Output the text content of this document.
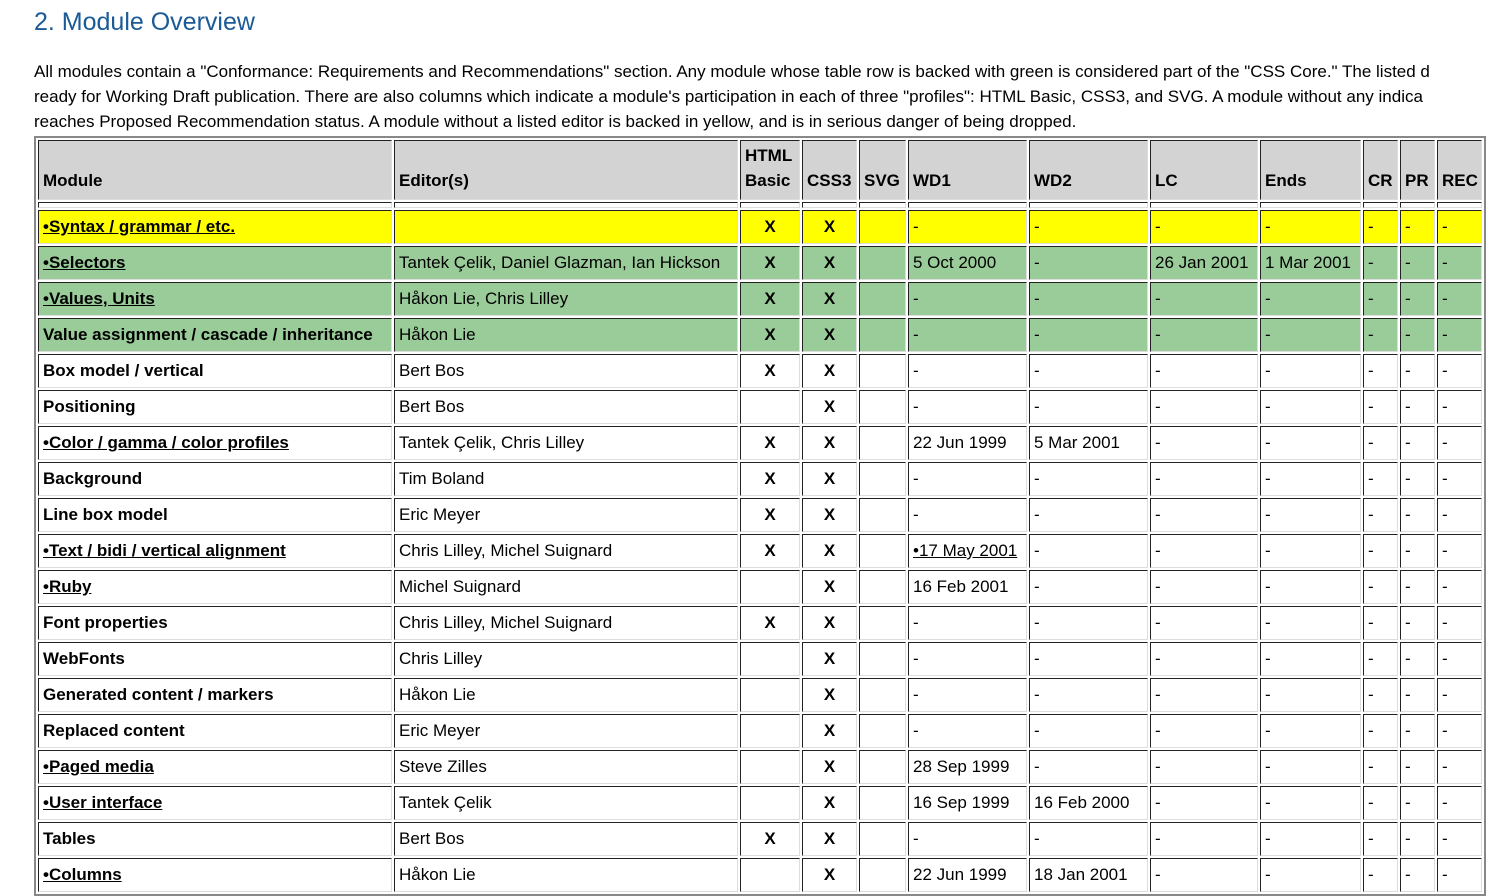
2. Module Overview

All modules contain a "Conformance: Requirements and Recommendations" section. Any module whose table row is backed with green is considered part of the "CSS Core." The listed d
ready for Working Draft publication. There are also columns which indicate a module's participation in each of three "profiles": HTML Basic, CSS3, and SVG. A module without any indica
reaches Proposed Recommendation status. A module without a listed editor is backed in yellow, and is in serious danger of being dropped.

Module	Editor(s)	HTML Basic	CSS3	SVG	WD1	WD2	LC	Ends	CR	PR	REC

•Syntax / grammar / etc.		X	X		-	-	-	-	-	-	-
•Selectors	Tantek Çelik, Daniel Glazman, Ian Hickson	X	X		5 Oct 2000	-	26 Jan 2001	1 Mar 2001	-	-	-
•Values, Units	Håkon Lie, Chris Lilley	X	X		-	-	-	-	-	-	-
Value assignment / cascade / inheritance	Håkon Lie	X	X		-	-	-	-	-	-	-
Box model / vertical	Bert Bos	X	X		-	-	-	-	-	-	-
Positioning	Bert Bos		X		-	-	-	-	-	-	-
•Color / gamma / color profiles	Tantek Çelik, Chris Lilley	X	X		22 Jun 1999	5 Mar 2001	-	-	-	-	-
Background	Tim Boland	X	X		-	-	-	-	-	-	-
Line box model	Eric Meyer	X	X		-	-	-	-	-	-	-
•Text / bidi / vertical alignment	Chris Lilley, Michel Suignard	X	X		•17 May 2001	-	-	-	-	-	-
•Ruby	Michel Suignard		X		16 Feb 2001	-	-	-	-	-	-
Font properties	Chris Lilley, Michel Suignard	X	X		-	-	-	-	-	-	-
WebFonts	Chris Lilley		X		-	-	-	-	-	-	-
Generated content / markers	Håkon Lie		X		-	-	-	-	-	-	-
Replaced content	Eric Meyer		X		-	-	-	-	-	-	-
•Paged media	Steve Zilles		X		28 Sep 1999	-	-	-	-	-	-
•User interface	Tantek Çelik		X		16 Sep 1999	16 Feb 2000	-	-	-	-	-
Tables	Bert Bos	X	X		-	-	-	-	-	-	-
•Columns	Håkon Lie		X		22 Jun 1999	18 Jan 2001	-	-	-	-	-
